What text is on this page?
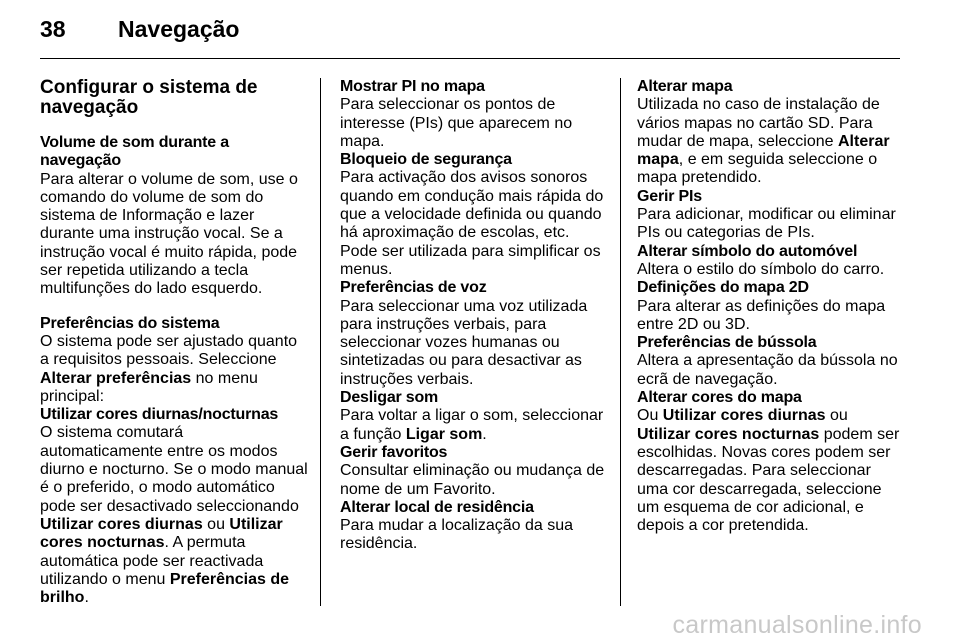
38	Navegação
Configurar o sistema de navegação
Volume de som durante a navegação
Para alterar o volume de som, use o comando do volume de som do sistema de Informação e lazer durante uma instrução vocal. Se a instrução vocal é muito rápida, pode ser repetida utilizando a tecla multifunções do lado esquerdo.
Preferências do sistema
O sistema pode ser ajustado quanto a requisitos pessoais. Seleccione Alterar preferências no menu principal:
Utilizar cores diurnas/nocturnas
O sistema comutará automaticamente entre os modos diurno e nocturno. Se o modo manual é o preferido, o modo automático pode ser desactivado seleccionando Utilizar cores diurnas ou Utilizar cores nocturnas. A permuta automática pode ser reactivada utilizando o menu Preferências de brilho.
Mostrar PI no mapa
Para seleccionar os pontos de interesse (PIs) que aparecem no mapa.
Bloqueio de segurança
Para activação dos avisos sonoros quando em condução mais rápida do que a velocidade definida ou quando há aproximação de escolas, etc. Pode ser utilizada para simplificar os menus.
Preferências de voz
Para seleccionar uma voz utilizada para instruções verbais, para seleccionar vozes humanas ou sintetizadas ou para desactivar as instruções verbais.
Desligar som
Para voltar a ligar o som, seleccionar a função Ligar som.
Gerir favoritos
Consultar eliminação ou mudança de nome de um Favorito.
Alterar local de residência
Para mudar a localização da sua residência.
Alterar mapa
Utilizada no caso de instalação de vários mapas no cartão SD. Para mudar de mapa, seleccione Alterar mapa, e em seguida seleccione o mapa pretendido.
Gerir PIs
Para adicionar, modificar ou eliminar PIs ou categorias de PIs.
Alterar símbolo do automóvel
Altera o estilo do símbolo do carro.
Definições do mapa 2D
Para alterar as definições do mapa entre 2D ou 3D.
Preferências de bússola
Altera a apresentação da bússola no ecrã de navegação.
Alterar cores do mapa
Ou Utilizar cores diurnas ou Utilizar cores nocturnas podem ser escolhidas. Novas cores podem ser descarregadas. Para seleccionar uma cor descarregada, seleccione um esquema de cor adicional, e depois a cor pretendida.
carmanualsonline.info
